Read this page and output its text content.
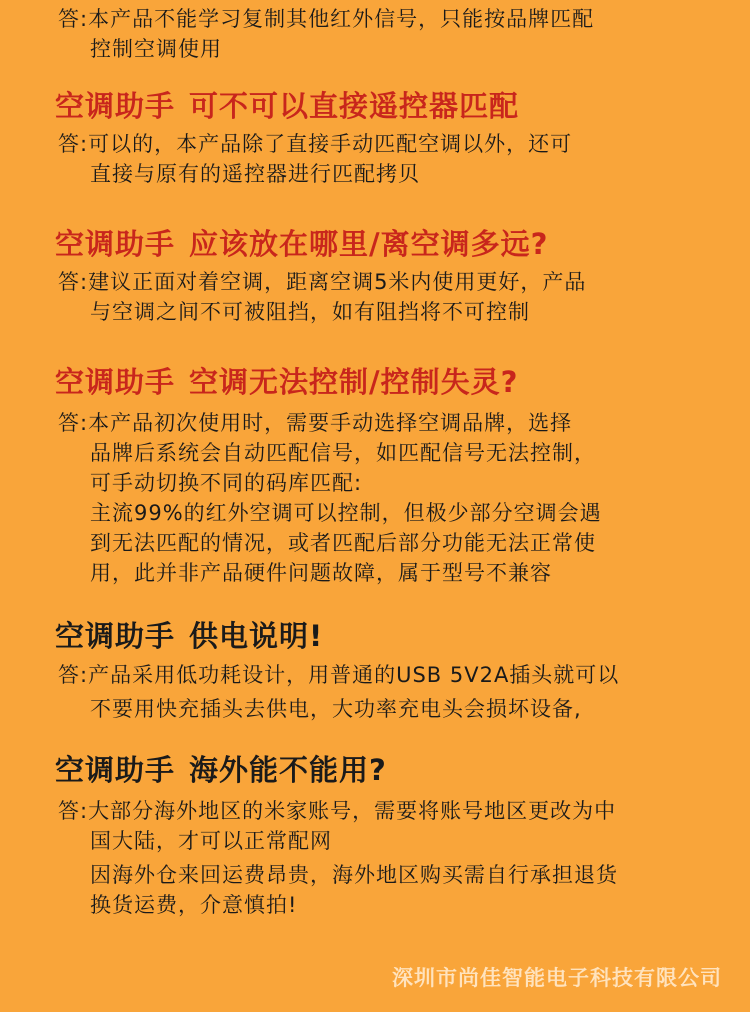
答:本产品不能学习复制其他红外信号，只能按品牌匹配
控制空调使用
空调助手 可不可以直接遥控器匹配
答:可以的，本产品除了直接手动匹配空调以外，还可
直接与原有的遥控器进行匹配拷贝
空调助手 应该放在哪里/离空调多远?
答:建议正面对着空调，距离空调5米内使用更好，产品
与空调之间不可被阻挡，如有阻挡将不可控制
空调助手 空调无法控制/控制失灵?
答:本产品初次使用时，需要手动选择空调品牌，选择
品牌后系统会自动匹配信号，如匹配信号无法控制，
可手动切换不同的码库匹配:
主流99%的红外空调可以控制，但极少部分空调会遇
到无法匹配的情况，或者匹配后部分功能无法正常使
用，此并非产品硬件问题故障，属于型号不兼容
空调助手 供电说明!
答:产品采用低功耗设计，用普通的USB 5V2A插头就可以
不要用快充插头去供电，大功率充电头会损坏设备,
空调助手 海外能不能用?
答:大部分海外地区的米家账号，需要将账号地区更改为中
国大陆，才可以正常配网
因海外仓来回运费昂贵，海外地区购买需自行承担退货
换货运费，介意慎拍!
深圳市尚佳智能电子科技有限公司
